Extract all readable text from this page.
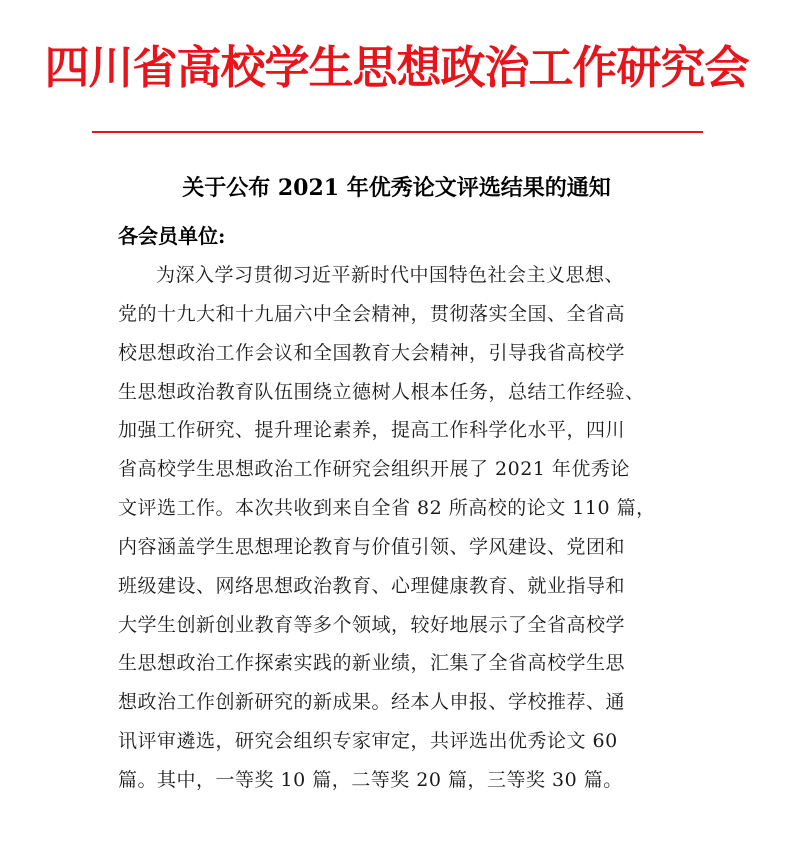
四川省高校学生思想政治工作研究会
关于公布 2021 年优秀论文评选结果的通知
各会员单位:
为深入学习贯彻习近平新时代中国特色社会主义思想、
党的十九大和十九届六中全会精神，贯彻落实全国、全省高
校思想政治工作会议和全国教育大会精神，引导我省高校学
生思想政治教育队伍围绕立德树人根本任务，总结工作经验、
加强工作研究、提升理论素养，提高工作科学化水平，四川
省高校学生思想政治工作研究会组织开展了 2021 年优秀论
文评选工作。本次共收到来自全省 82 所高校的论文 110 篇，
内容涵盖学生思想理论教育与价值引领、学风建设、党团和
班级建设、网络思想政治教育、心理健康教育、就业指导和
大学生创新创业教育等多个领域，较好地展示了全省高校学
生思想政治工作探索实践的新业绩，汇集了全省高校学生思
想政治工作创新研究的新成果。经本人申报、学校推荐、通
讯评审遴选，研究会组织专家审定，共评选出优秀论文 60
篇。其中，一等奖 10 篇，二等奖 20 篇，三等奖 30 篇。
